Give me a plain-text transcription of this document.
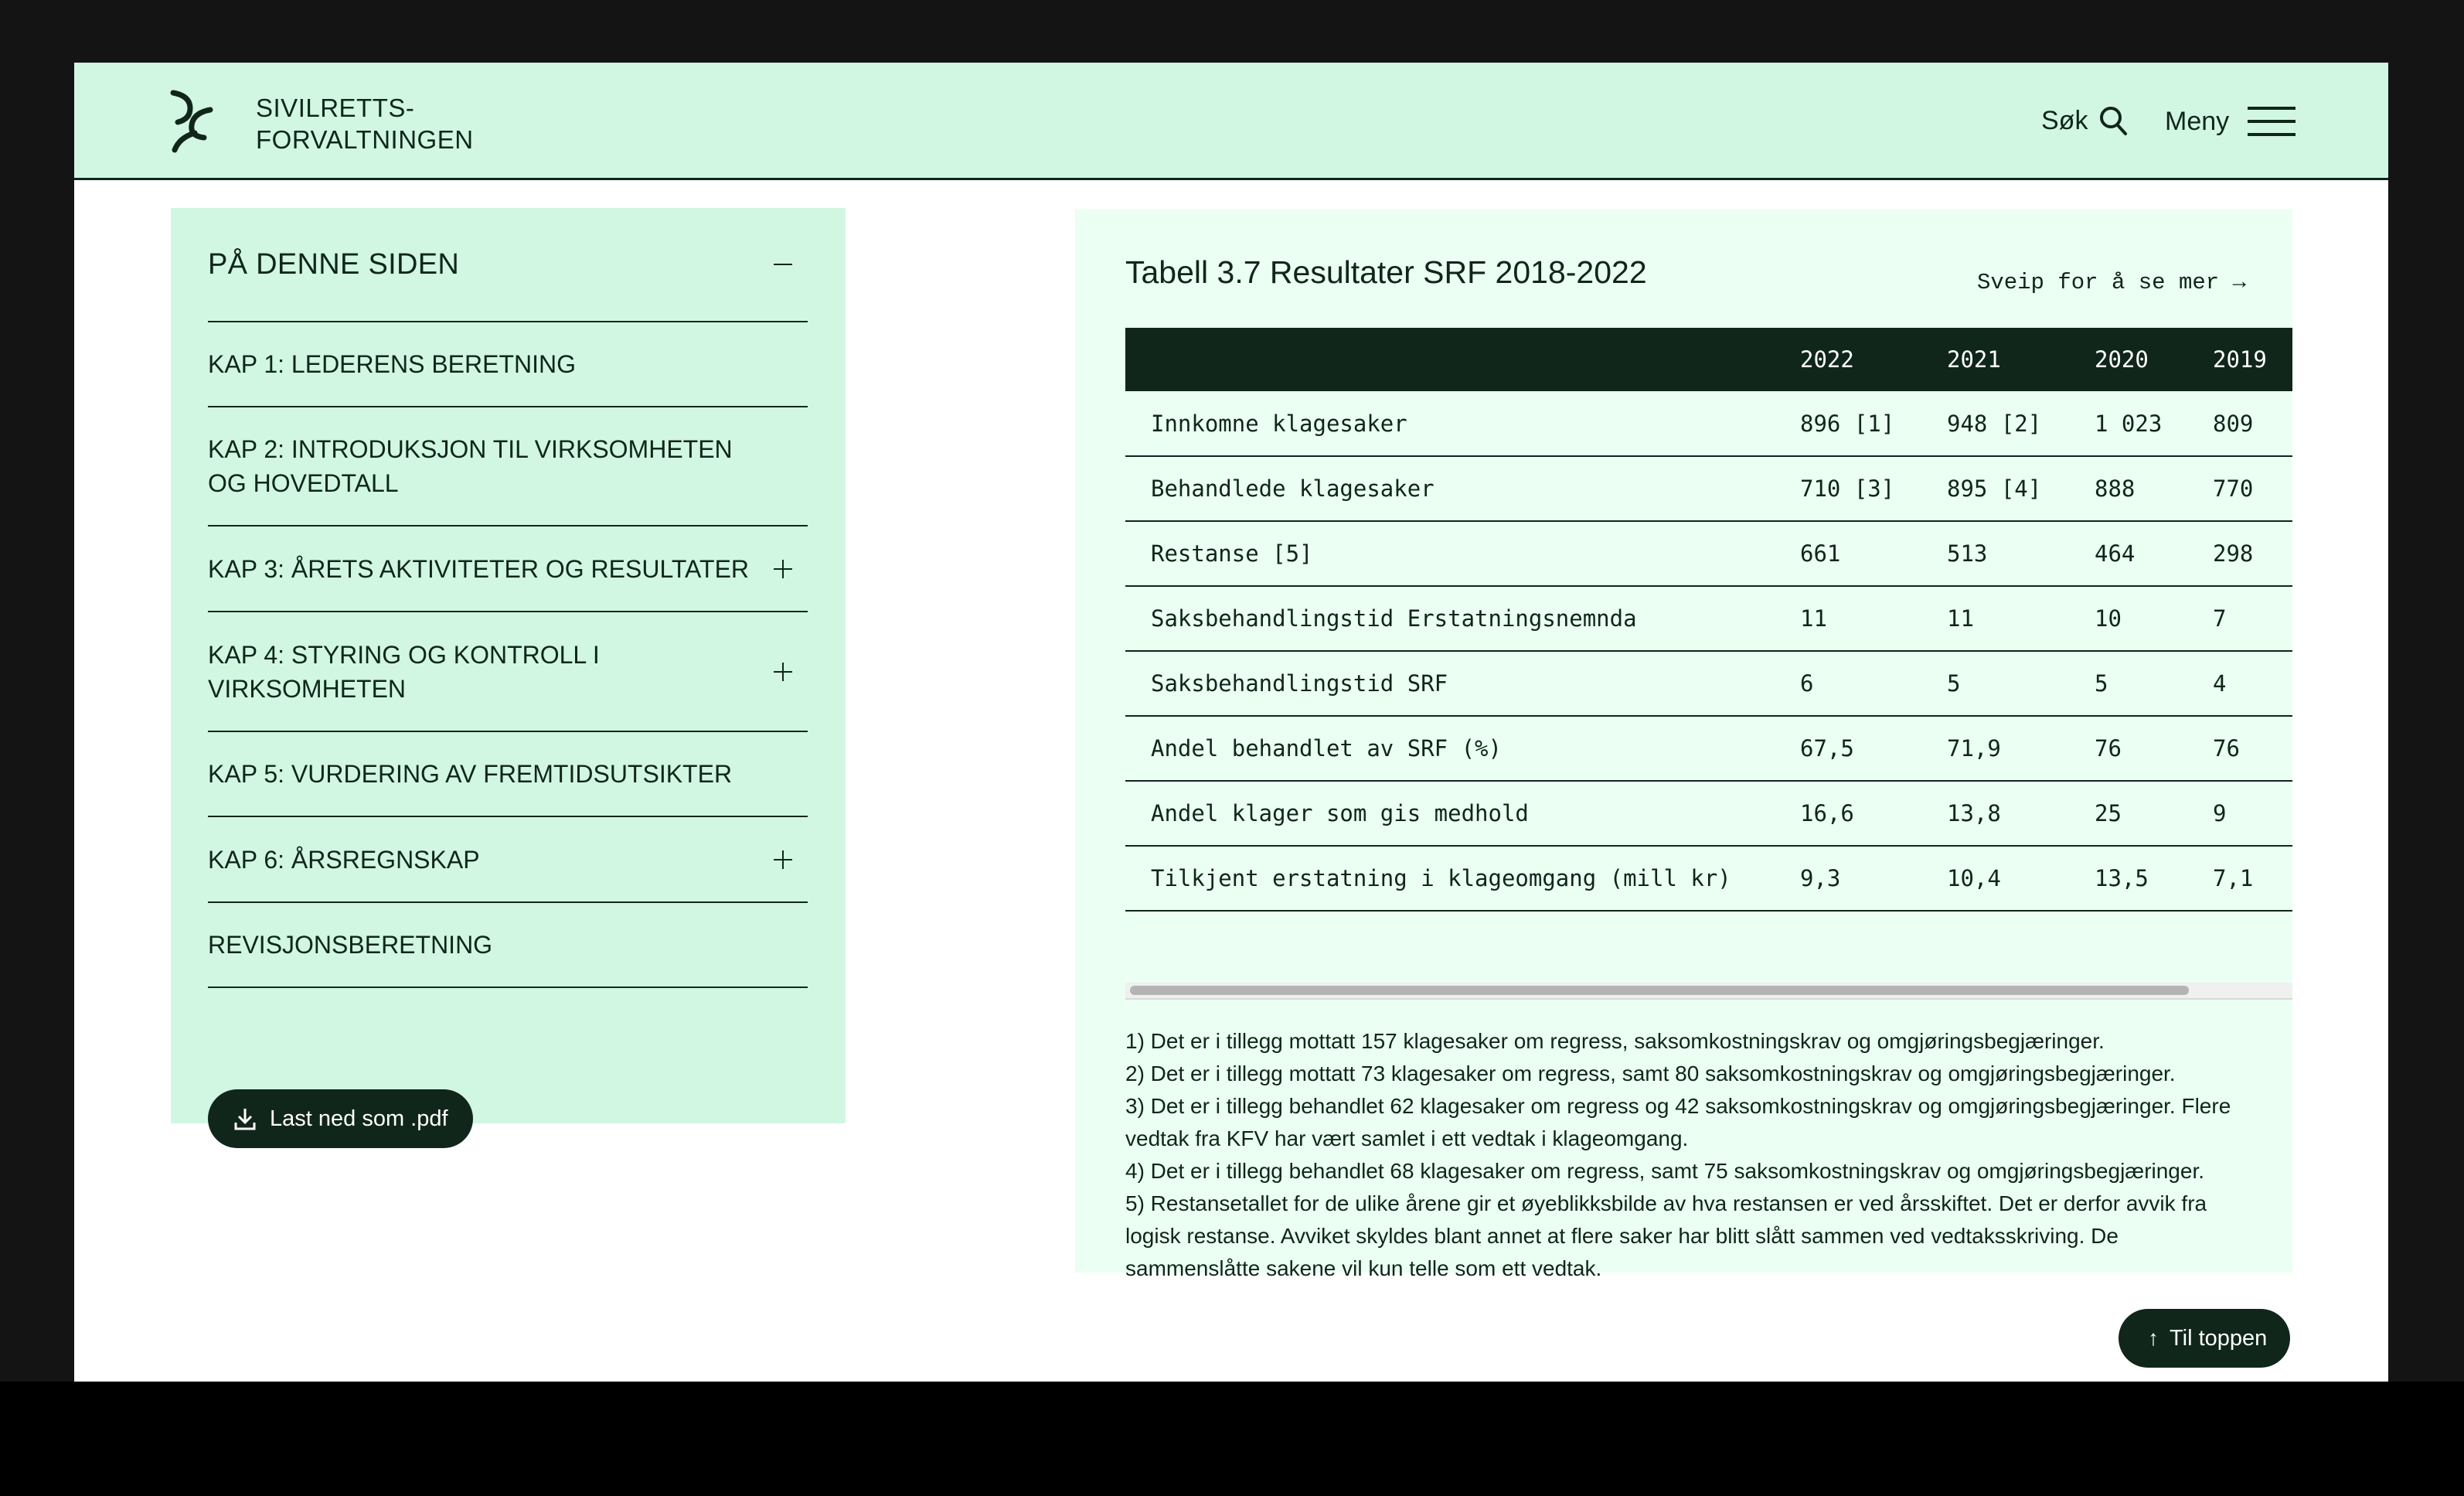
SIVILRETTS-
FORVALTNINGEN
Søk	Meny
PÅ DENNE SIDEN
KAP 1: LEDERENS BERETNING
KAP 2: INTRODUKSJON TIL VIRKSOMHETEN OG HOVEDTALL
KAP 3: ÅRETS AKTIVITETER OG RESULTATER
KAP 4: STYRING OG KONTROLL I VIRKSOMHETEN
KAP 5: VURDERING AV FREMTIDSUTSIKTER
KAP 6: ÅRSREGNSKAP
REVISJONSBERETNING
Last ned som .pdf
Tabell 3.7 Resultater SRF 2018-2022	Sveip for å se mer →
	2022	2021	2020	2019
Innkomne klagesaker	896 [1]	948 [2]	1 023	809
Behandlede klagesaker	710 [3]	895 [4]	888	770
Restanse [5]	661	513	464	298
Saksbehandlingstid Erstatningsnemnda	11	11	10	7
Saksbehandlingstid SRF	6	5	5	4
Andel behandlet av SRF (%)	67,5	71,9	76	76
Andel klager som gis medhold	16,6	13,8	25	9
Tilkjent erstatning i klageomgang (mill kr)	9,3	10,4	13,5	7,1
1) Det er i tillegg mottatt 157 klagesaker om regress, saksomkostningskrav og omgjøringsbegjæringer.
2) Det er i tillegg mottatt 73 klagesaker om regress, samt 80 saksomkostningskrav og omgjøringsbegjæringer.
3) Det er i tillegg behandlet 62 klagesaker om regress og 42 saksomkostningskrav og omgjøringsbegjæringer. Flere vedtak fra KFV har vært samlet i ett vedtak i klageomgang.
4) Det er i tillegg behandlet 68 klagesaker om regress, samt 75 saksomkostningskrav og omgjøringsbegjæringer.
5) Restansetallet for de ulike årene gir et øyeblikksbilde av hva restansen er ved årsskiftet. Det er derfor avvik fra logisk restanse. Avviket skyldes blant annet at flere saker har blitt slått sammen ved vedtaksskriving. De sammenslåtte sakene vil kun telle som ett vedtak.
↑ Til toppen
